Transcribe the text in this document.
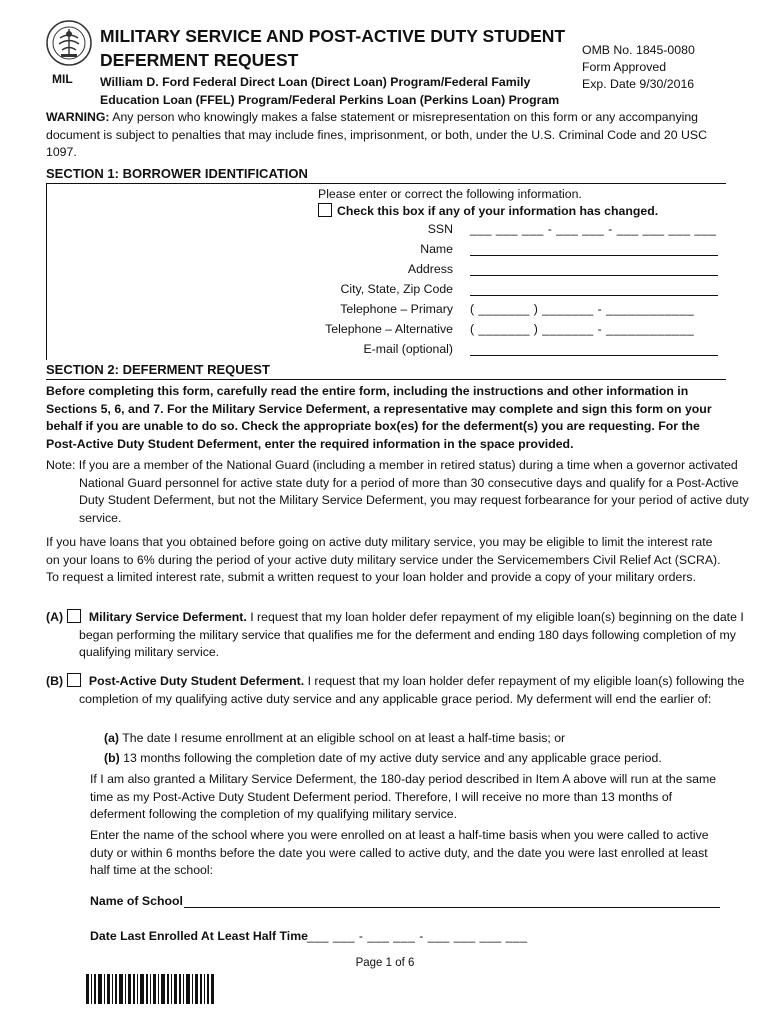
MIL
MILITARY SERVICE AND POST-ACTIVE DUTY STUDENT DEFERMENT REQUEST
William D. Ford Federal Direct Loan (Direct Loan) Program/Federal Family Education Loan (FFEL) Program/Federal Perkins Loan (Perkins Loan) Program
OMB No. 1845-0080
Form Approved
Exp. Date 9/30/2016
WARNING: Any person who knowingly makes a false statement or misrepresentation on this form or any accompanying document is subject to penalties that may include fines, imprisonment, or both, under the U.S. Criminal Code and 20 USC 1097.
SECTION 1: BORROWER IDENTIFICATION
Please enter or correct the following information.
Check this box if any of your information has changed.
SSN ___ ___ ___ - ___ ___ - ___ ___ ___ ___
Name
Address
City, State, Zip Code
Telephone – Primary ( _______ ) _______ - ____________
Telephone – Alternative ( _______ ) _______ - ____________
E-mail (optional)
SECTION 2: DEFERMENT REQUEST
Before completing this form, carefully read the entire form, including the instructions and other information in Sections 5, 6, and 7. For the Military Service Deferment, a representative may complete and sign this form on your behalf if you are unable to do so. Check the appropriate box(es) for the deferment(s) you are requesting. For the Post-Active Duty Student Deferment, enter the required information in the space provided.
Note: If you are a member of the National Guard (including a member in retired status) during a time when a governor activated National Guard personnel for active state duty for a period of more than 30 consecutive days and qualify for a Post-Active Duty Student Deferment, but not the Military Service Deferment, you may request forbearance for your period of active duty service.
If you have loans that you obtained before going on active duty military service, you may be eligible to limit the interest rate on your loans to 6% during the period of your active duty military service under the Servicemembers Civil Relief Act (SCRA). To request a limited interest rate, submit a written request to your loan holder and provide a copy of your military orders.
(A) Military Service Deferment. I request that my loan holder defer repayment of my eligible loan(s) beginning on the date I began performing the military service that qualifies me for the deferment and ending 180 days following completion of my qualifying military service.
(B) Post-Active Duty Student Deferment. I request that my loan holder defer repayment of my eligible loan(s) following the completion of my qualifying active duty service and any applicable grace period. My deferment will end the earlier of:
(a) The date I resume enrollment at an eligible school on at least a half-time basis; or
(b) 13 months following the completion date of my active duty service and any applicable grace period.
If I am also granted a Military Service Deferment, the 180-day period described in Item A above will run at the same time as my Post-Active Duty Student Deferment period. Therefore, I will receive no more than 13 months of deferment following the completion of my qualifying military service.
Enter the name of the school where you were enrolled on at least a half-time basis when you were called to active duty or within 6 months before the date you were called to active duty, and the date you were last enrolled at least half time at the school:
Name of School
Date Last Enrolled At Least Half Time ___ ___ - ___ ___ - ___ ___ ___ ___
Page 1 of 6
